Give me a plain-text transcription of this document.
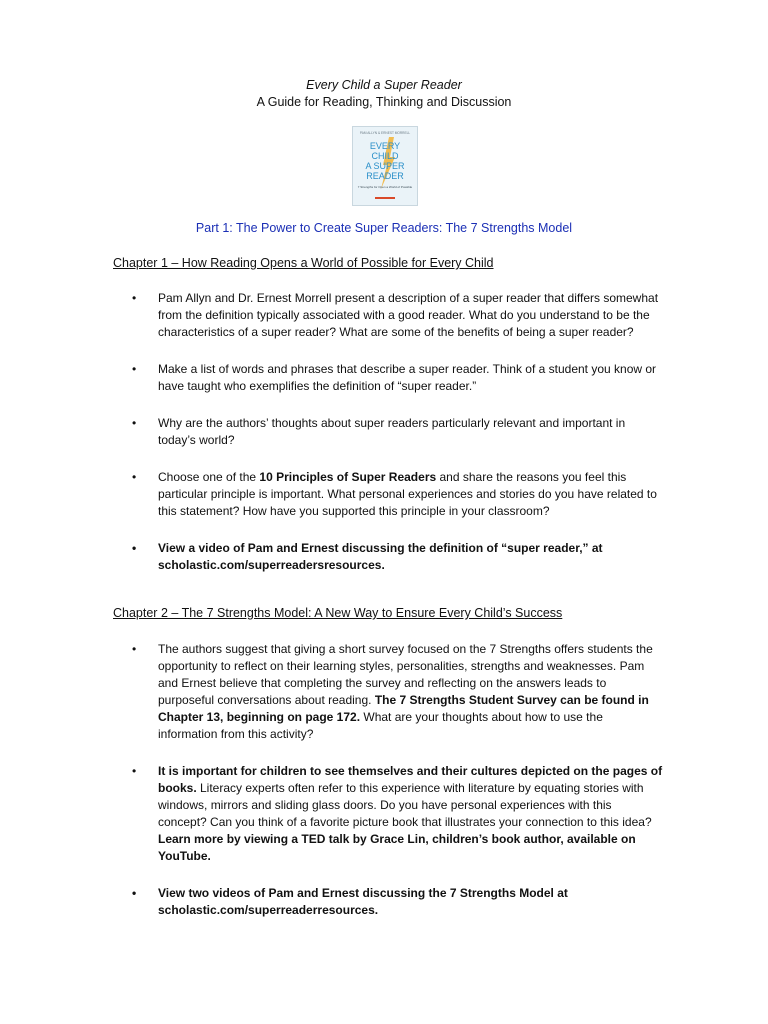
Every Child a Super Reader
A Guide for Reading, Thinking and Discussion
PAM ALLYN & ERNEST MORRELL
EVERY
CHILD
A SUPER
READER
7 Strengths for Open a World of Possible
Part 1: The Power to Create Super Readers: The 7 Strengths Model
Chapter 1 – How Reading Opens a World of Possible for Every Child
• Pam Allyn and Dr. Ernest Morrell present a description of a super reader that differs somewhat from the definition typically associated with a good reader. What do you understand to be the characteristics of a super reader? What are some of the benefits of being a super reader?
• Make a list of words and phrases that describe a super reader. Think of a student you know or have taught who exemplifies the definition of “super reader.”
• Why are the authors’ thoughts about super readers particularly relevant and important in today’s world?
• Choose one of the 10 Principles of Super Readers and share the reasons you feel this particular principle is important. What personal experiences and stories do you have related to this statement? How have you supported this principle in your classroom?
• View a video of Pam and Ernest discussing the definition of “super reader,” at scholastic.com/superreadersresources.
Chapter 2 – The 7 Strengths Model: A New Way to Ensure Every Child’s Success
• The authors suggest that giving a short survey focused on the 7 Strengths offers students the opportunity to reflect on their learning styles, personalities, strengths and weaknesses. Pam and Ernest believe that completing the survey and reflecting on the answers leads to purposeful conversations about reading. The 7 Strengths Student Survey can be found in Chapter 13, beginning on page 172. What are your thoughts about how to use the information from this activity?
• It is important for children to see themselves and their cultures depicted on the pages of books. Literacy experts often refer to this experience with literature by equating stories with windows, mirrors and sliding glass doors. Do you have personal experiences with this concept? Can you think of a favorite picture book that illustrates your connection to this idea? Learn more by viewing a TED talk by Grace Lin, children’s book author, available on YouTube.
• View two videos of Pam and Ernest discussing the 7 Strengths Model at scholastic.com/superreaderresources.
